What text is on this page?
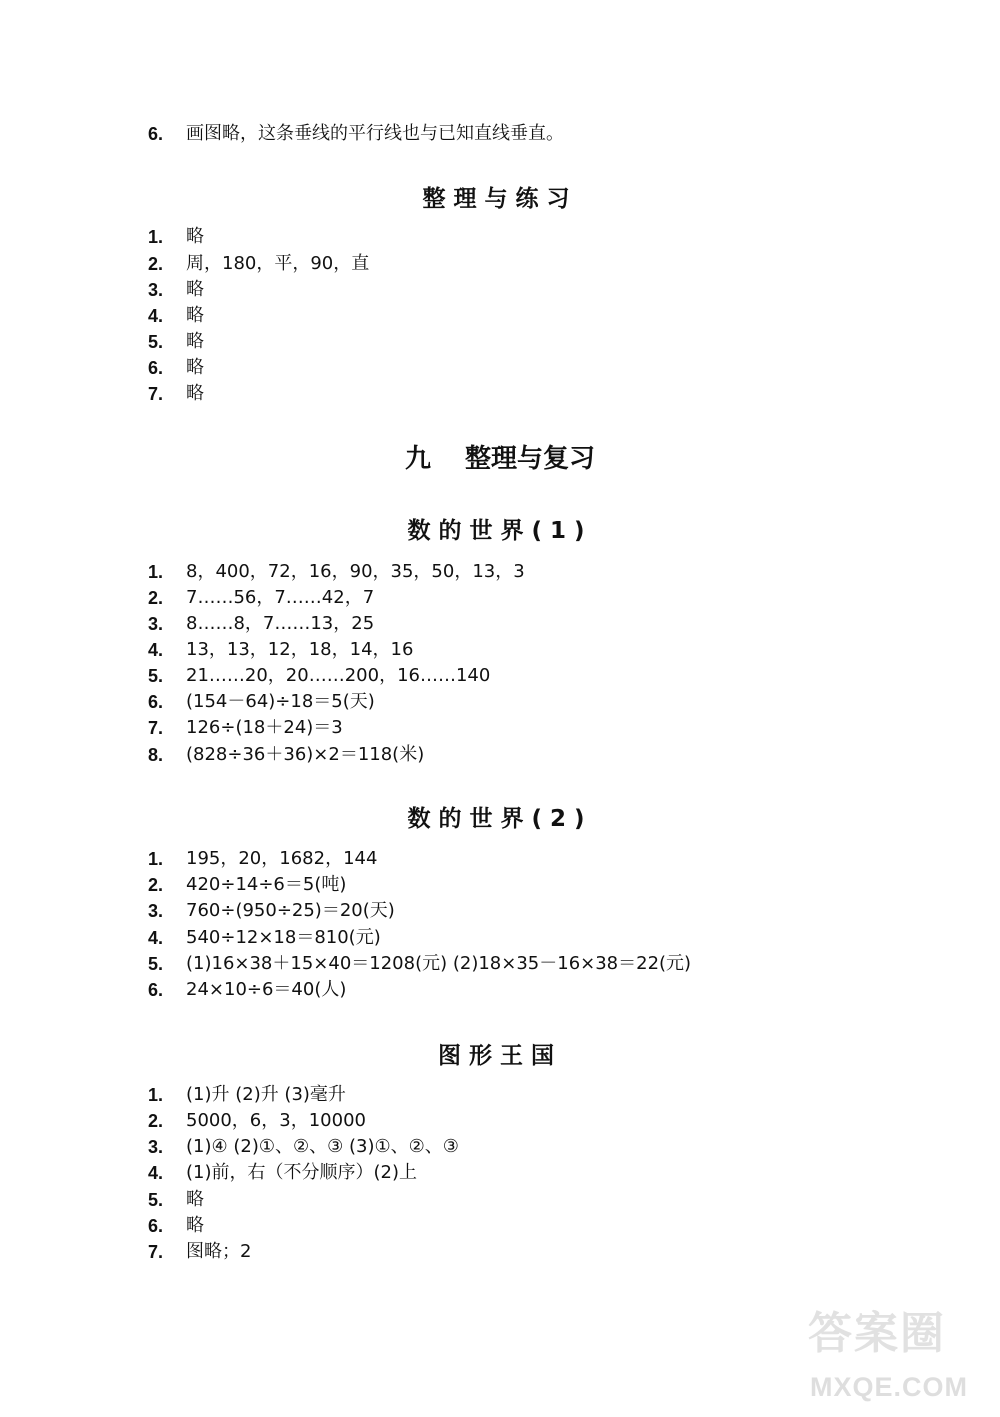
6.	画图略，这条垂线的平行线也与已知直线垂直。
整理与练习
1.	略
2.	周，180，平，90，直
3.	略
4.	略
5.	略
6.	略
7.	略
九 整理与复习
数的世界(1)
1.	8，400，72，16，90，35，50，13，3
2.	7……56，7……42，7
3.	8……8，7……13，25
4.	13，13，12，18，14，16
5.	21……20，20……200，16……140
6.	(154－64)÷18＝5(天)
7.	126÷(18＋24)＝3
8.	(828÷36＋36)×2＝118(米)
数的世界(2)
1.	195，20，1682，144
2.	420÷14÷6＝5(吨)
3.	760÷(950÷25)＝20(天)
4.	540÷12×18＝810(元)
5.	(1)16×38＋15×40＝1208(元) (2)18×35－16×38＝22(元)
6.	24×10÷6＝40(人)
图形王国
1.	(1)升 (2)升 (3)毫升
2.	5000，6，3，10000
3.	(1)④ (2)①、②、③ (3)①、②、③
4.	(1)前，右（不分顺序）(2)上
5.	略
6.	略
7.	图略；2
答案圈
MXQE.COM
